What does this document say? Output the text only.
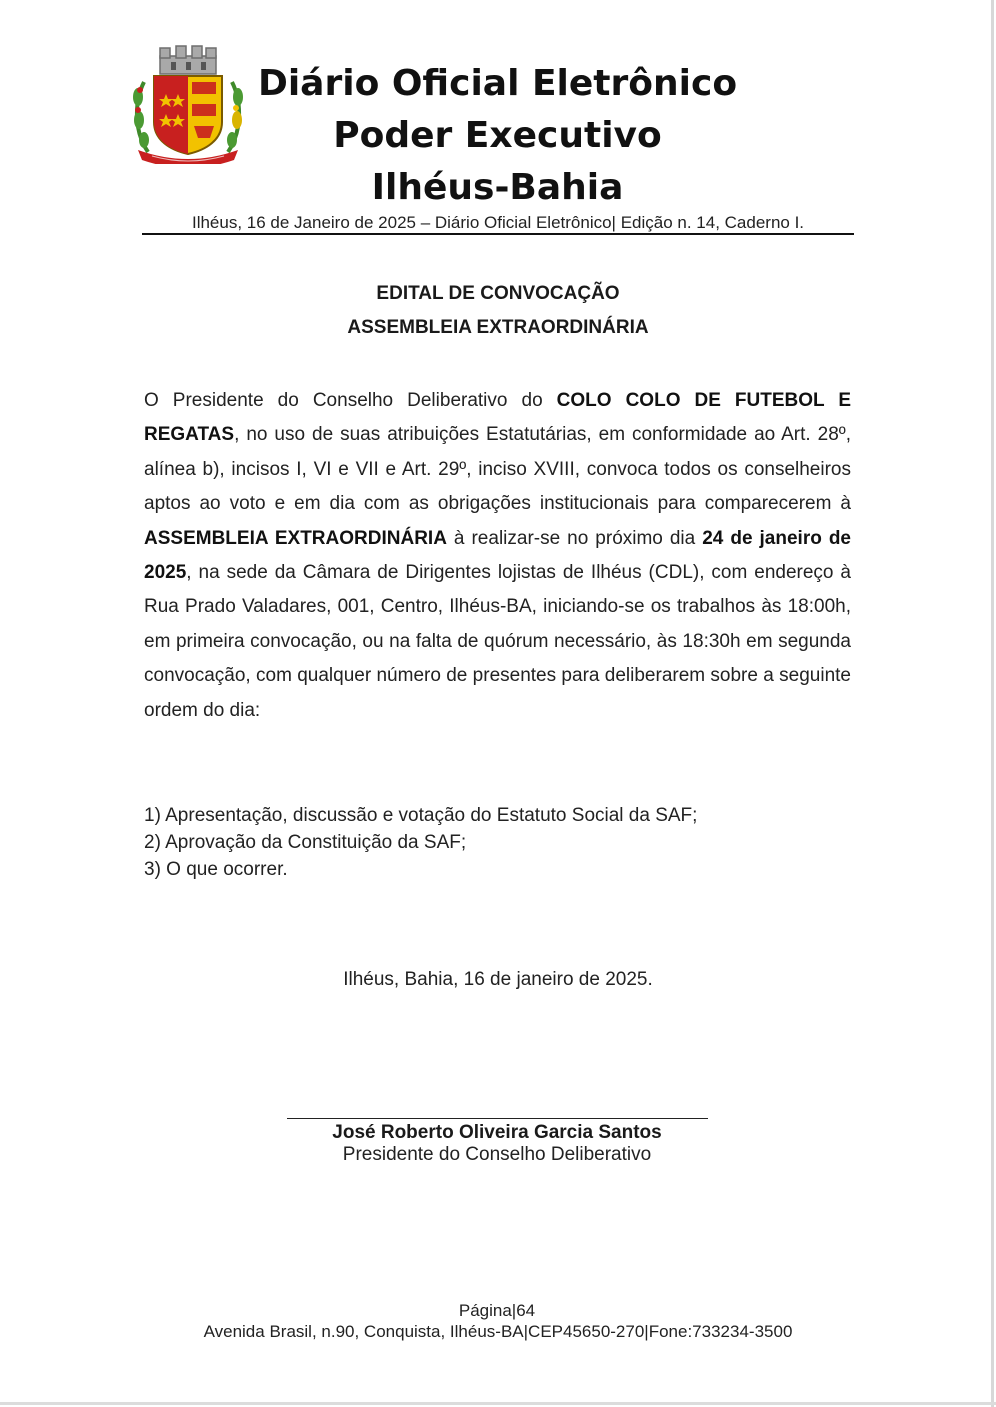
Diário Oficial Eletrônico
Poder Executivo
Ilhéus-Bahia
Ilhéus, 16 de Janeiro de 2025 – Diário Oficial Eletrônico| Edição n. 14, Caderno I.
EDITAL DE CONVOCAÇÃO
ASSEMBLEIA EXTRAORDINÁRIA
O Presidente do Conselho Deliberativo do COLO COLO DE FUTEBOL E REGATAS, no uso de suas atribuições Estatutárias, em conformidade ao Art. 28º, alínea b), incisos I, VI e VII e Art. 29º, inciso XVIII, convoca todos os conselheiros aptos ao voto e em dia com as obrigações institucionais para comparecerem à ASSEMBLEIA EXTRAORDINÁRIA à realizar-se no próximo dia 24 de janeiro de 2025, na sede da Câmara de Dirigentes lojistas de Ilhéus (CDL), com endereço à Rua Prado Valadares, 001, Centro, Ilhéus-BA, iniciando-se os trabalhos às 18:00h, em primeira convocação, ou na falta de quórum necessário, às 18:30h em segunda convocação, com qualquer número de presentes para deliberarem sobre a seguinte ordem do dia:
1) Apresentação, discussão e votação do Estatuto Social da SAF;
2) Aprovação da Constituição da SAF;
3) O que ocorrer.
Ilhéus, Bahia, 16 de janeiro de 2025.
José Roberto Oliveira Garcia Santos
Presidente do Conselho Deliberativo
Página|64
Avenida Brasil, n.90, Conquista, Ilhéus-BA|CEP45650-270|Fone:733234-3500
